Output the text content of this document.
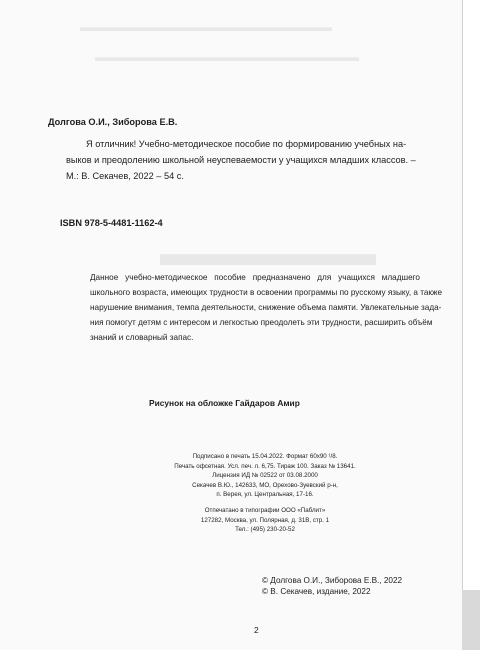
▬▬▬▬▬▬▬▬▬▬▬▬▬▬▬▬▬▬▬▬▬
▬▬▬▬▬▬▬▬▬▬▬▬▬▬▬▬▬▬▬▬▬▬
▬▬▬▬▬▬
Долгова О.И., Зиборова Е.В.
Я отличник! Учебно-методическое пособие по формированию учебных на-
выков и преодолению школьной неуспеваемости у учащихся младших классов. –
М.: В. Секачев, 2022 – 54 с.
ISBN 978-5-4481-1162-4
Данное учебно-методическое пособие предназначено для учащихся младшего
школьного возраста, имеющих трудности в освоении программы по русскому языку, а также
нарушение внимания, темпа деятельности, снижение объема памяти. Увлекательные зада-
ния помогут детям с интересом и легкостью преодолеть эти трудности, расширить объём
знаний и словарный запас.
Рисунок на обложке Гайдаров Амир
Подписано в печать 15.04.2022. Формат 60х90 ¹/8.
Печать офсетная. Усл. печ. л. 6,75. Тираж 100. Заказ № 13641.
Лицензия ИД № 02522 от 03.08.2000
Секачев В.Ю., 142633, МО, Орехово-Зуевский р-н,
п. Верея, ул. Центральная, 17-16.
Отпечатано в типографии ООО «Паблит»
127282, Москва, ул. Полярная, д. 31В, стр. 1
Тел.: (495) 230-20-52
© Долгова О.И., Зиборова Е.В., 2022
© В. Секачев, издание, 2022
2
